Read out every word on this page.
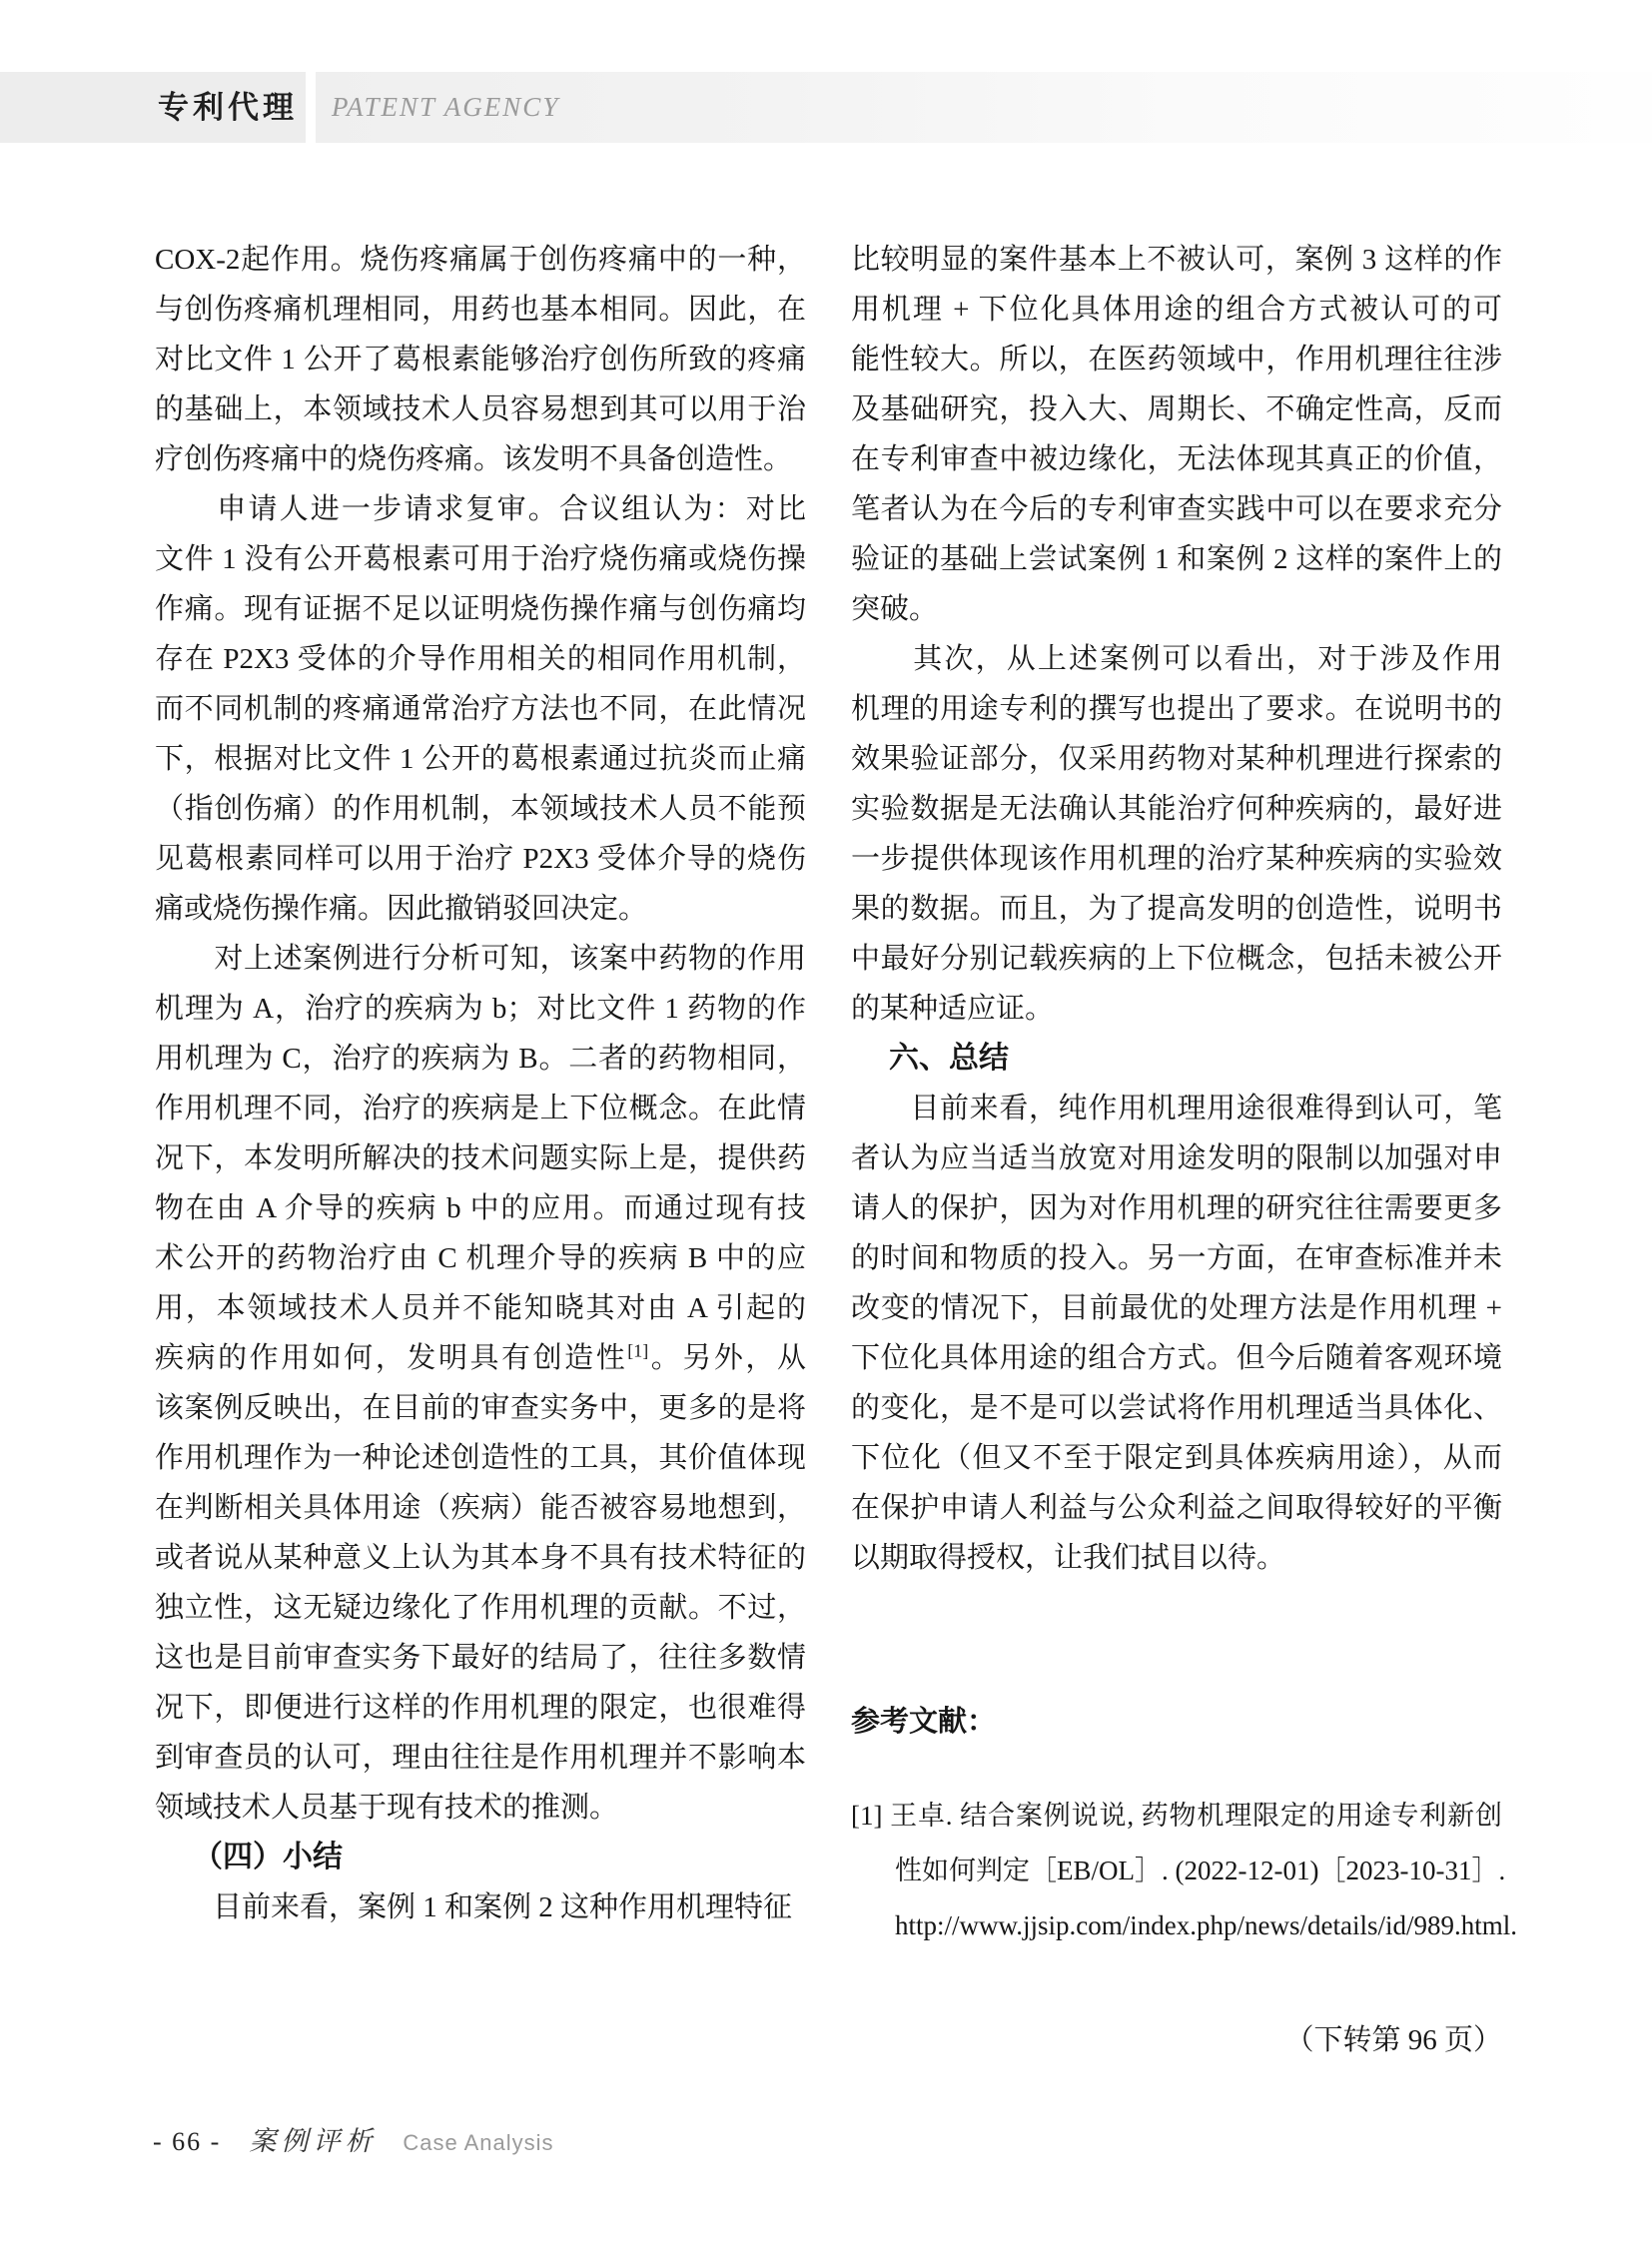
专利代理 PATENT AGENCY
COX-2起作用。烧伤疼痛属于创伤疼痛中的一种，
与创伤疼痛机理相同，用药也基本相同。因此，在
对比文件 1 公开了葛根素能够治疗创伤所致的疼痛
的基础上，本领域技术人员容易想到其可以用于治
疗创伤疼痛中的烧伤疼痛。该发明不具备创造性。
　　申请人进一步请求复审。合议组认为：对比
文件 1 没有公开葛根素可用于治疗烧伤痛或烧伤操
作痛。现有证据不足以证明烧伤操作痛与创伤痛均
存在 P2X3 受体的介导作用相关的相同作用机制，
而不同机制的疼痛通常治疗方法也不同，在此情况
下，根据对比文件 1 公开的葛根素通过抗炎而止痛
（指创伤痛）的作用机制，本领域技术人员不能预
见葛根素同样可以用于治疗 P2X3 受体介导的烧伤
痛或烧伤操作痛。因此撤销驳回决定。
　　对上述案例进行分析可知，该案中药物的作用
机理为 A，治疗的疾病为 b；对比文件 1 药物的作
用机理为 C，治疗的疾病为 B。二者的药物相同，
作用机理不同，治疗的疾病是上下位概念。在此情
况下，本发明所解决的技术问题实际上是，提供药
物在由 A 介导的疾病 b 中的应用。而通过现有技
术公开的药物治疗由 C 机理介导的疾病 B 中的应
用，本领域技术人员并不能知晓其对由 A 引起的
疾病的作用如何，发明具有创造性[1]。另外，从
该案例反映出，在目前的审查实务中，更多的是将
作用机理作为一种论述创造性的工具，其价值体现
在判断相关具体用途（疾病）能否被容易地想到，
或者说从某种意义上认为其本身不具有技术特征的
独立性，这无疑边缘化了作用机理的贡献。不过，
这也是目前审查实务下最好的结局了，往往多数情
况下，即便进行这样的作用机理的限定，也很难得
到审查员的认可，理由往往是作用机理并不影响本
领域技术人员基于现有技术的推测。
（四）小结
　　目前来看，案例 1 和案例 2 这种作用机理特征
比较明显的案件基本上不被认可，案例 3 这样的作
用机理 + 下位化具体用途的组合方式被认可的可
能性较大。所以，在医药领域中，作用机理往往涉
及基础研究，投入大、周期长、不确定性高，反而
在专利审查中被边缘化，无法体现其真正的价值，
笔者认为在今后的专利审查实践中可以在要求充分
验证的基础上尝试案例 1 和案例 2 这样的案件上的
突破。
　　其次，从上述案例可以看出，对于涉及作用
机理的用途专利的撰写也提出了要求。在说明书的
效果验证部分，仅采用药物对某种机理进行探索的
实验数据是无法确认其能治疗何种疾病的，最好进
一步提供体现该作用机理的治疗某种疾病的实验效
果的数据。而且，为了提高发明的创造性，说明书
中最好分别记载疾病的上下位概念，包括未被公开
的某种适应证。
六、总结
　　目前来看，纯作用机理用途很难得到认可，笔
者认为应当适当放宽对用途发明的限制以加强对申
请人的保护，因为对作用机理的研究往往需要更多
的时间和物质的投入。另一方面，在审查标准并未
改变的情况下，目前最优的处理方法是作用机理 +
下位化具体用途的组合方式。但今后随着客观环境
的变化，是不是可以尝试将作用机理适当具体化、
下位化（但又不至于限定到具体疾病用途），从而
在保护申请人利益与公众利益之间取得较好的平衡
以期取得授权，让我们拭目以待。
参考文献：
[1] 王卓. 结合案例说说, 药物机理限定的用途专利新创
性如何判定［EB/OL］. (2022-12-01)［2023-10-31］.
http://www.jjsip.com/index.php/news/details/id/989.html.
（下转第 96 页）
- 66 - 案例评析 Case Analysis
